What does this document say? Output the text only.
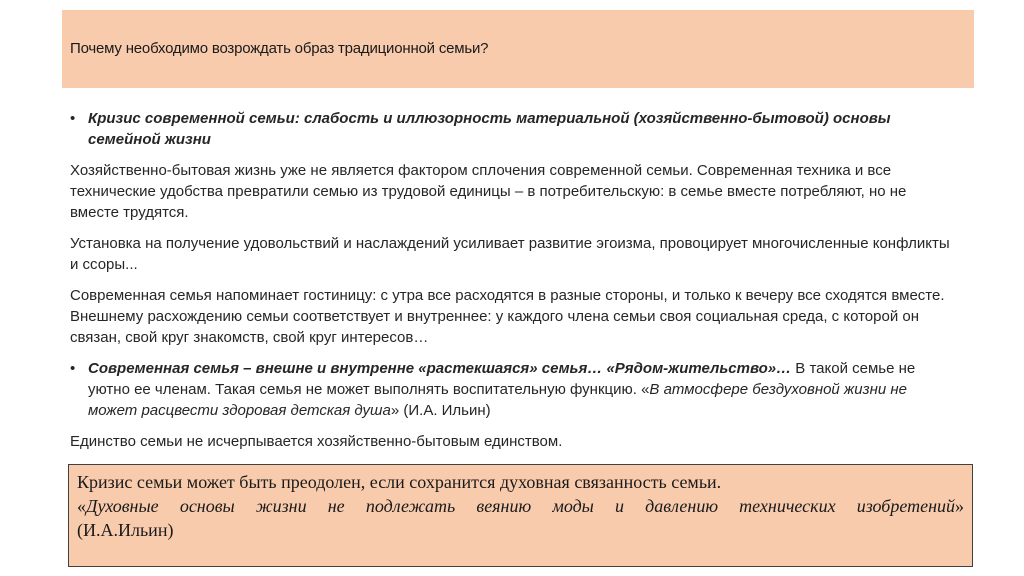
Почему необходимо возрождать образ традиционной семьи?
• Кризис современной семьи: слабость и иллюзорность материальной (хозяйственно-бытовой) основы семейной жизни
Хозяйственно-бытовая жизнь уже не является фактором сплочения современной семьи. Современная техника и все технические удобства превратили семью из трудовой единицы – в потребительскую: в семье вместе потребляют, но не вместе трудятся.
Установка на получение удовольствий и наслаждений усиливает развитие эгоизма, провоцирует многочисленные конфликты и ссоры...
Современная семья напоминает гостиницу: с утра все расходятся в разные стороны, и только к вечеру все сходятся вместе. Внешнему расхождению семьи соответствует и внутреннее: у каждого члена семьи своя социальная среда, с которой он связан, свой круг знакомств, свой круг интересов…
• Современная семья – внешне и внутренне «растекшаяся» семья… «Рядом-жительство»… В такой семье не уютно ее членам. Такая семья не может выполнять воспитательную функцию. «В атмосфере бездуховной жизни не может расцвести здоровая детская душа» (И.А. Ильин)
Единство семьи не исчерпывается хозяйственно-бытовым единством.
Кризис семьи может быть преодолен, если сохранится духовная связанность семьи.
«Духовные основы жизни не подлежать веянию моды и давлению технических изобретений»
(И.А.Ильин)
